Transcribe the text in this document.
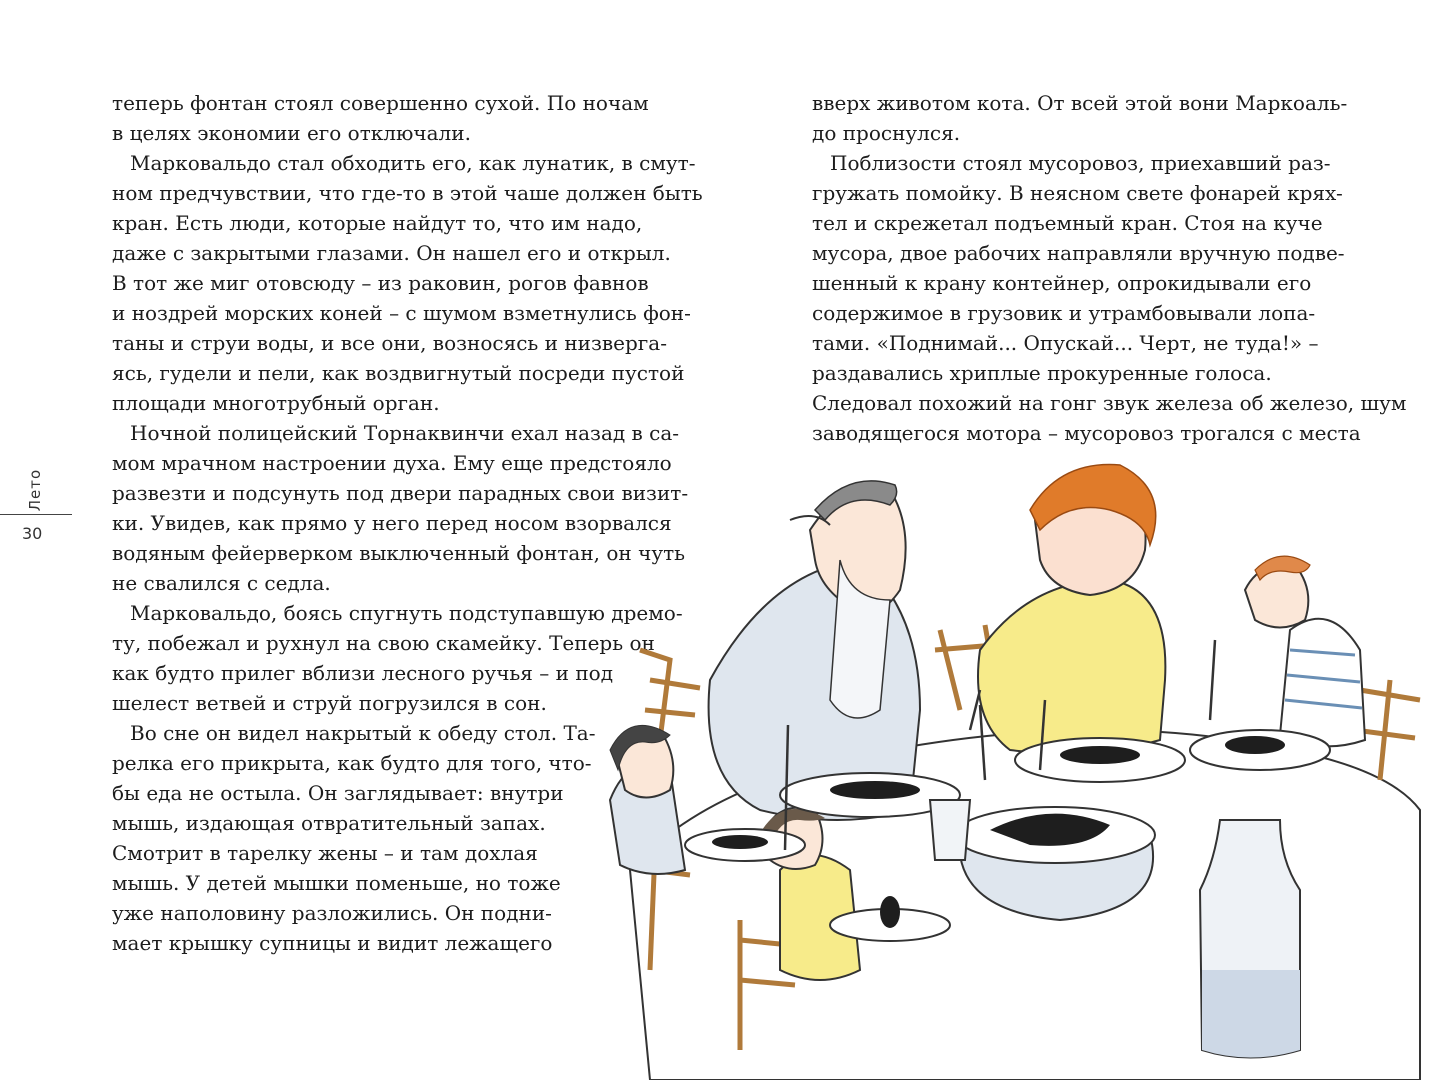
теперь фонтан стоял совершенно сухой. По ночам
в целях экономии его отключали.
Марковальдо стал обходить его, как лунатик, в смут-
ном предчувствии, что где-то в этой чаше должен быть
кран. Есть люди, которые найдут то, что им надо,
даже с закрытыми глазами. Он нашел его и открыл.
В тот же миг отовсюду – из раковин, рогов фавнов
и ноздрей морских коней – с шумом взметнулись фон-
таны и струи воды, и все они, возносясь и низверга-
ясь, гудели и пели, как воздвигнутый посреди пустой
площади многотрубный орган.
Ночной полицейский Торнаквинчи ехал назад в са-
мом мрачном настроении духа. Ему еще предстояло
развезти и подсунуть под двери парадных свои визит-
ки. Увидев, как прямо у него перед носом взорвался
водяным фейерверком выключенный фонтан, он чуть
не свалился с седла.
Марковальдо, боясь спугнуть подступавшую дремо-
ту, побежал и рухнул на свою скамейку. Теперь он
как будто прилег вблизи лесного ручья – и под
шелест ветвей и струй погрузился в сон.
Во сне он видел накрытый к обеду стол. Та-
релка его прикрыта, как будто для того, что-
бы еда не остыла. Он заглядывает: внутри
мышь, издающая отвратительный запах.
Смотрит в тарелку жены – и там дохлая
мышь. У детей мышки поменьше, но тоже
уже наполовину разложились. Он подни-
мает крышку супницы и видит лежащего
вверх животом кота. От всей этой вони Маркоаль-
до проснулся.
Поблизости стоял мусоровоз, приехавший раз-
гружать помойку. В неясном свете фонарей кряx-
тел и скрежетал подъемный кран. Стоя на куче
мусора, двое рабочих направляли вручную подве-
шенный к крану контейнер, опрокидывали его
содержимое в грузовик и утрамбовывали лопа-
тами. «Поднимай... Опускай... Черт, не туда!» –
раздавались хриплые прокуренные голоса.
Следовал похожий на гонг звук железа об железо, шум
заводящегося мотора – мусоровоз трогался с места
Лето
30
